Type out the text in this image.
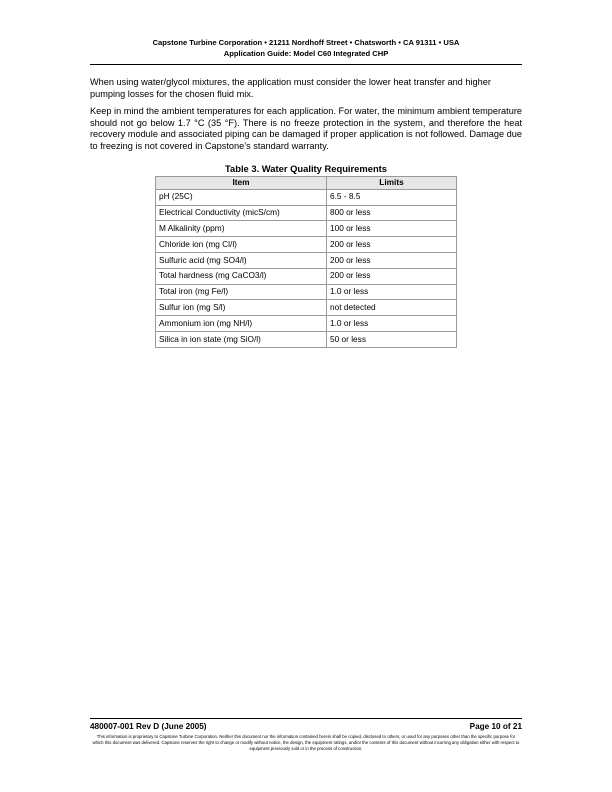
Capstone Turbine Corporation • 21211 Nordhoff Street • Chatsworth • CA 91311 • USA
Application Guide: Model C60 Integrated CHP

When using water/glycol mixtures, the application must consider the lower heat transfer and higher pumping losses for the chosen fluid mix.

Keep in mind the ambient temperatures for each application. For water, the minimum ambient temperature should not go below 1.7 °C (35 °F). There is no freeze protection in the system, and therefore the heat recovery module and associated piping can be damaged if proper application is not followed. Damage due to freezing is not covered in Capstone’s standard warranty.

Table 3. Water Quality Requirements
Item	Limits
pH (25C)	6.5 - 8.5
Electrical Conductivity (micS/cm)	800 or less
M Alkalinity (ppm)	100 or less
Chloride ion (mg Cl/l)	200 or less
Sulfuric acid (mg SO4/l)	200 or less
Total hardness (mg CaCO3/l)	200 or less
Total iron (mg Fe/l)	1.0 or less
Sulfur ion (mg S/l)	not detected
Ammonium ion (mg NH/l)	1.0 or less
Silica in ion state (mg SiO/l)	50 or less
480007-001 Rev D (June 2005)	Page 10 of 21
This information is proprietary to Capstone Turbine Corporation. Neither this document nor the information contained herein shall be copied, disclosed to others, or used for any purposes other than the specific purpose for which this document was delivered. Capstone reserves the right to change or modify without notice, the design, the equipment ratings, and/or the contents of this document without incurring any obligation either with respect to equipment previously sold or in the process of construction.
